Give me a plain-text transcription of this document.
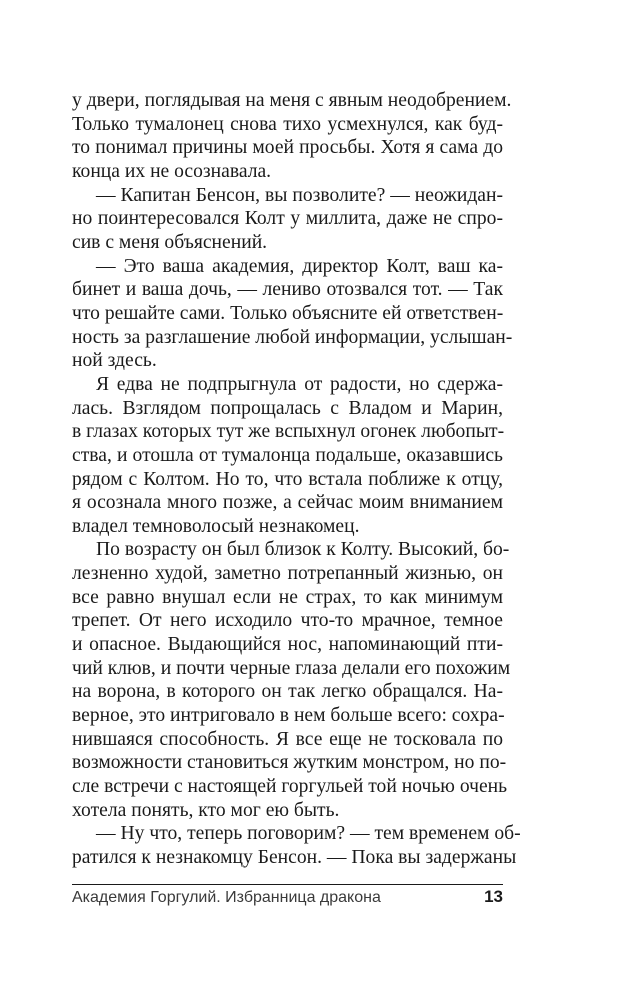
у двери, поглядывая на меня с явным неодобрением.
Только тумалонец снова тихо усмехнулся, как буд-
то понимал причины моей просьбы. Хотя я сама до
конца их не осознавала.
— Капитан Бенсон, вы позволите? — неожидан-
но поинтересовался Колт у миллита, даже не спро-
сив с меня объяснений.
— Это ваша академия, директор Колт, ваш ка-
бинет и ваша дочь, — лениво отозвался тот. — Так
что решайте сами. Только объясните ей ответствен-
ность за разглашение любой информации, услышан-
ной здесь.
Я едва не подпрыгнула от радости, но сдержа-
лась. Взглядом попрощалась с Владом и Марин,
в глазах которых тут же вспыхнул огонек любопыт-
ства, и отошла от тумалонца подальше, оказавшись
рядом с Колтом. Но то, что встала поближе к отцу,
я осознала много позже, а сейчас моим вниманием
владел темноволосый незнакомец.
По возрасту он был близок к Колту. Высокий, бо-
лезненно худой, заметно потрепанный жизнью, он
все равно внушал если не страх, то как минимум
трепет. От него исходило что-то мрачное, темное
и опасное. Выдающийся нос, напоминающий пти-
чий клюв, и почти черные глаза делали его похожим
на ворона, в которого он так легко обращался. На-
верное, это интриговало в нем больше всего: сохра-
нившаяся способность. Я все еще не тосковала по
возможности становиться жутким монстром, но по-
сле встречи с настоящей горгульей той ночью очень
хотела понять, кто мог ею быть.
— Ну что, теперь поговорим? — тем временем об-
ратился к незнакомцу Бенсон. — Пока вы задержаны
Академия Горгулий. Избранница дракона	13
